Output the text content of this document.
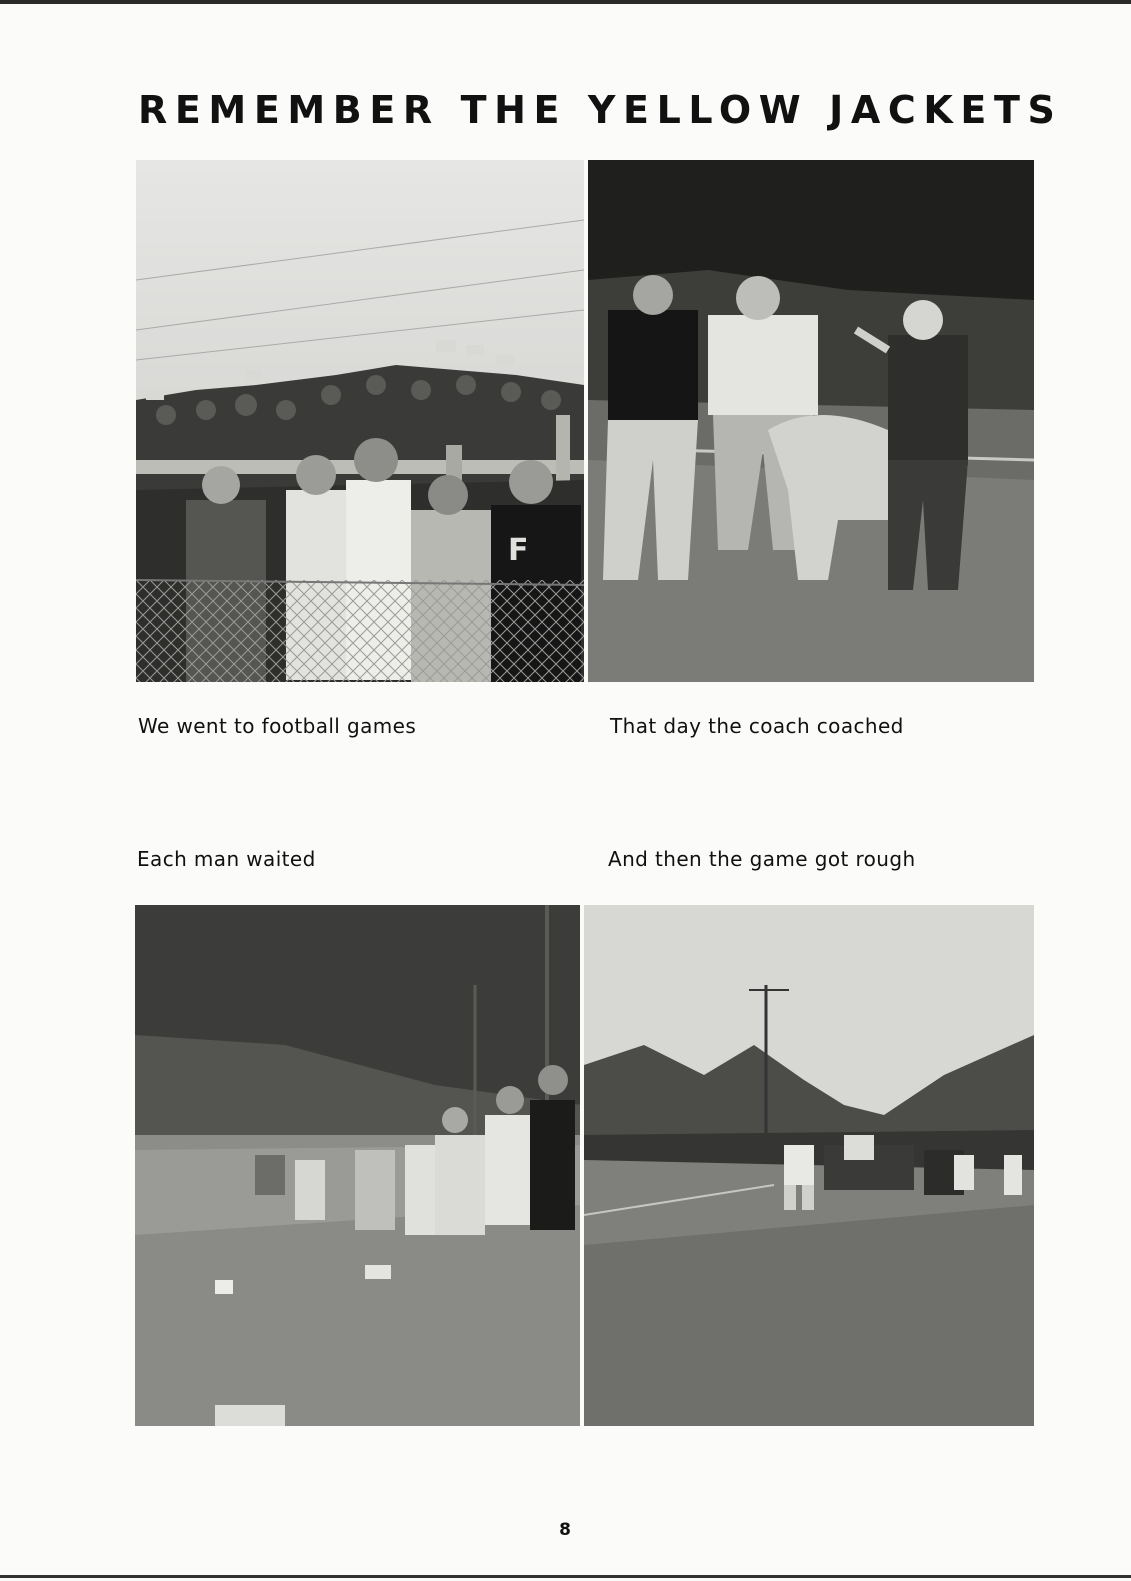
REMEMBER THE YELLOW JACKETS
F
We went to football games	That day the coach coached
Each man waited	And then the game got rough
8
